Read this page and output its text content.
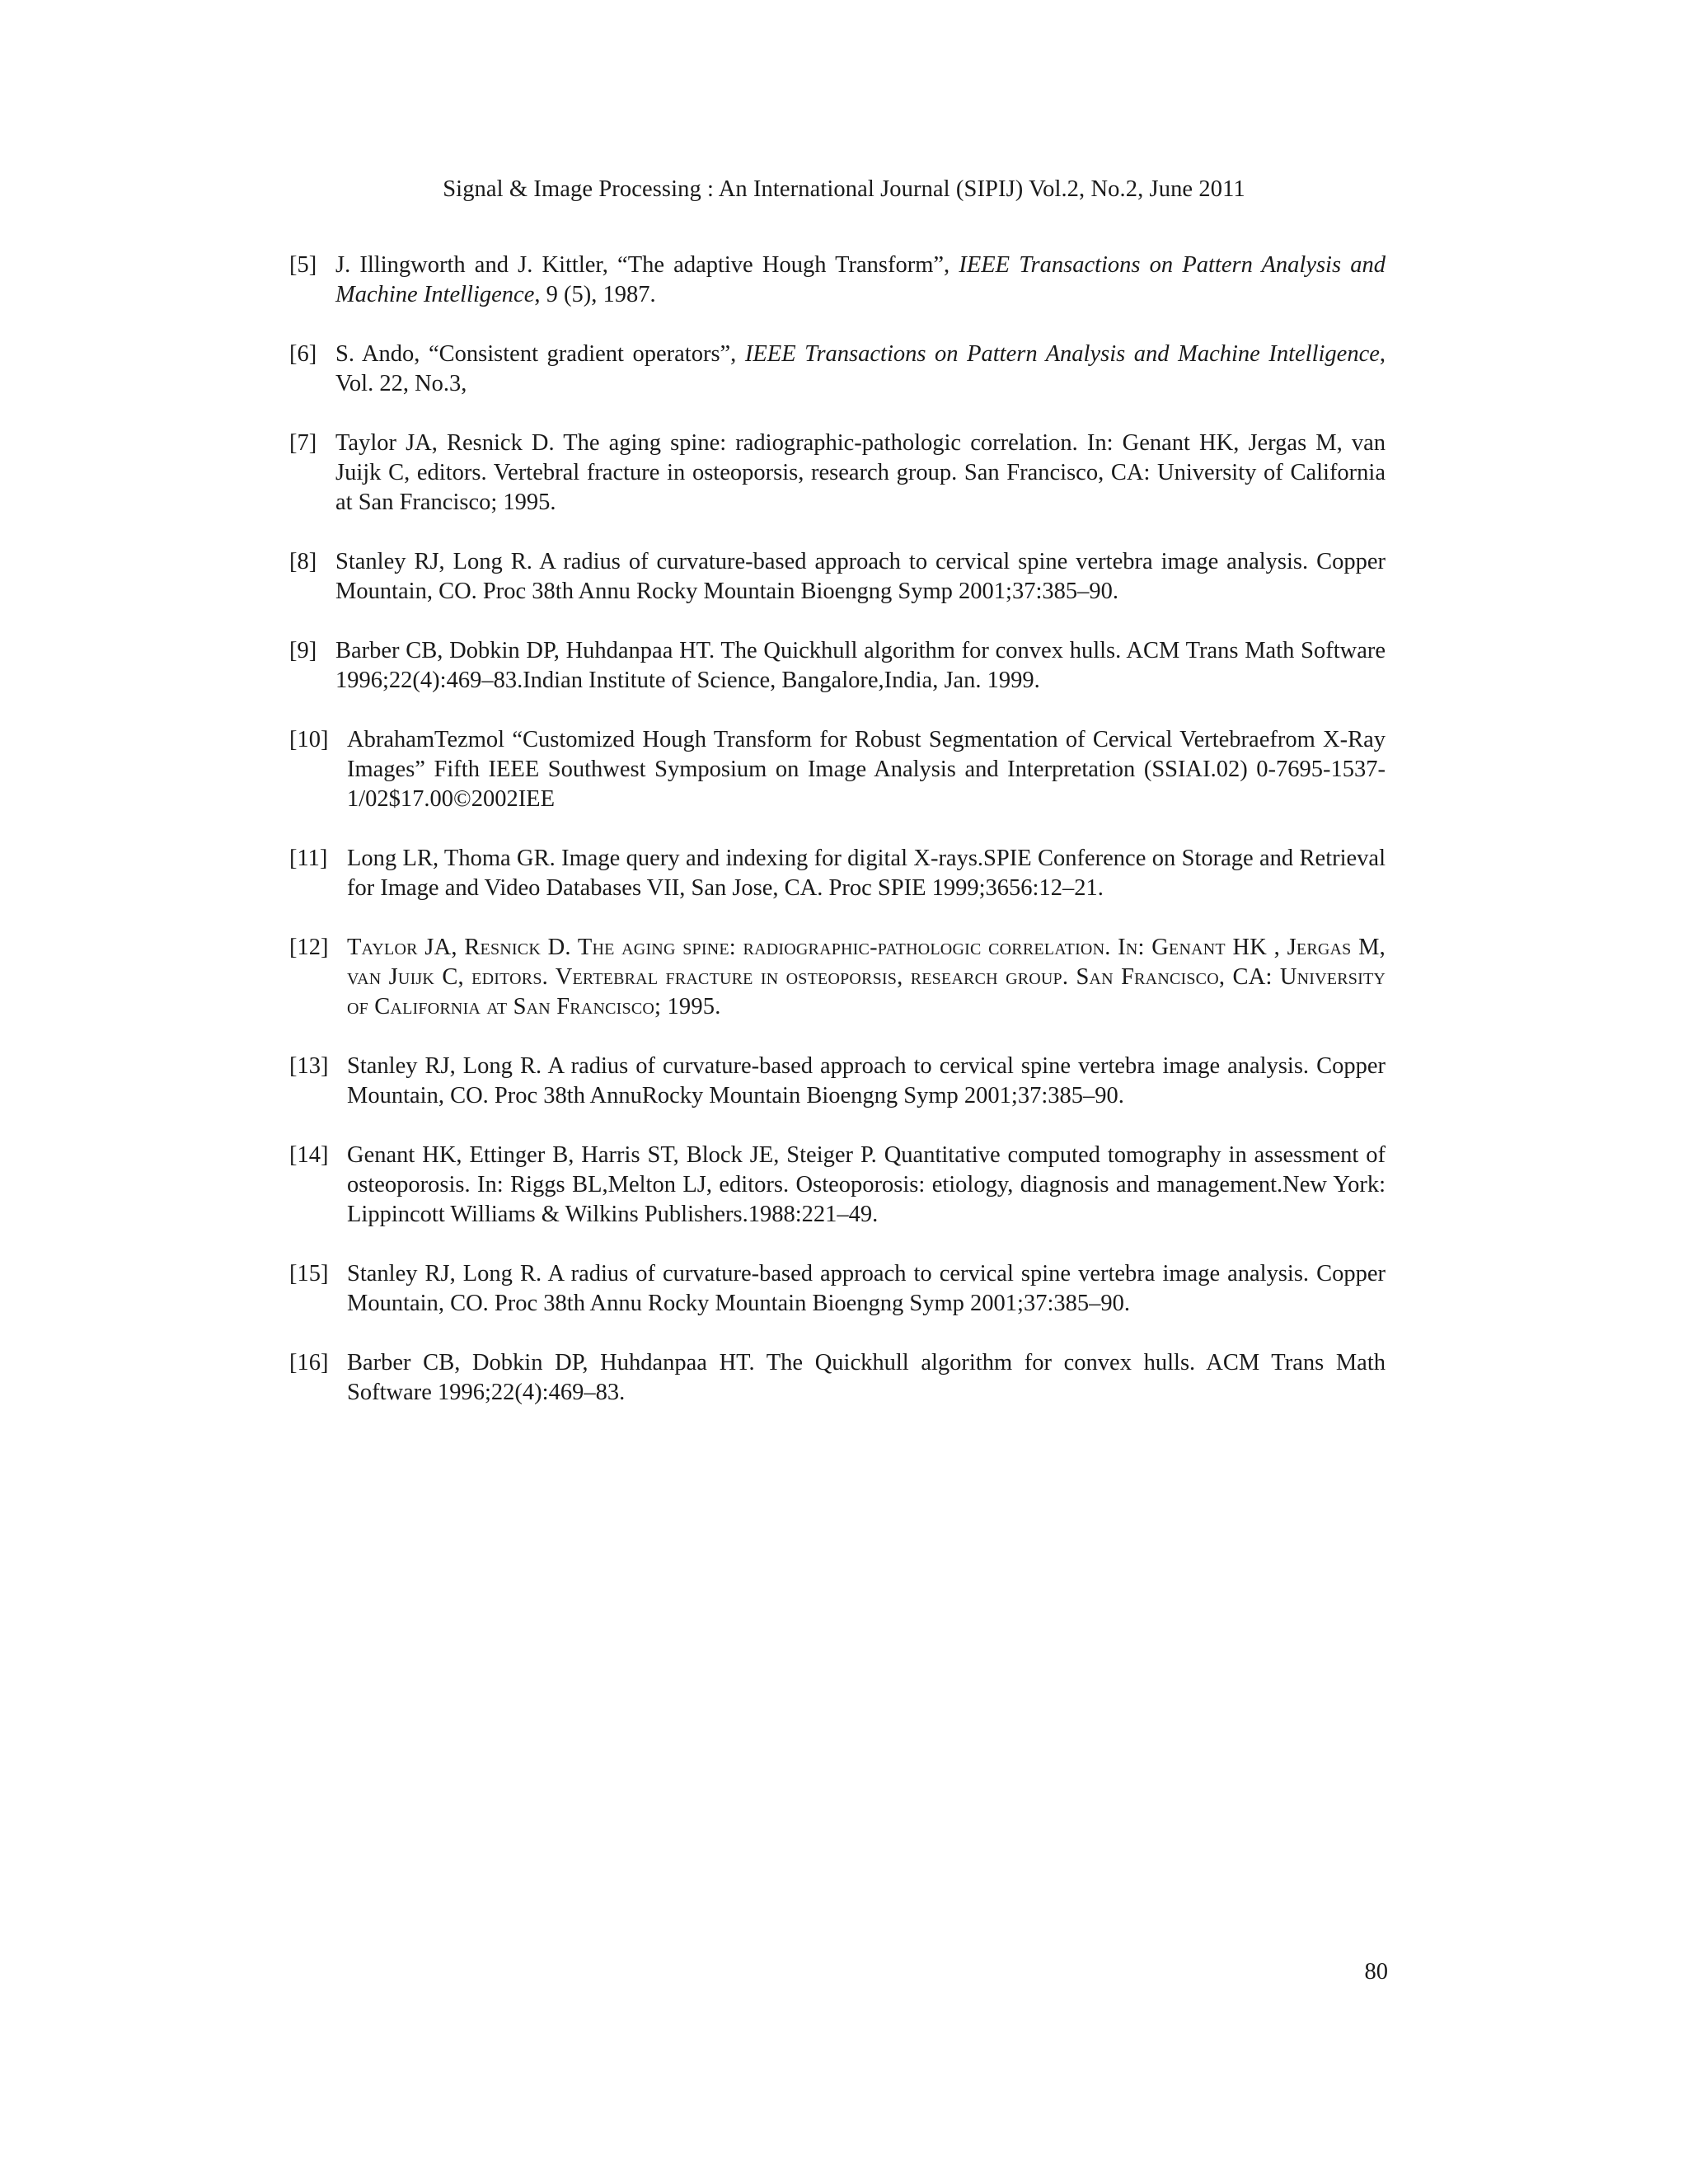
Signal & Image Processing : An International Journal (SIPIJ) Vol.2, No.2, June 2011
[5] J. Illingworth and J. Kittler, “The adaptive Hough Transform”, IEEE Transactions on Pattern Analysis and Machine Intelligence, 9 (5), 1987.
[6] S. Ando, “Consistent gradient operators”, IEEE Transactions on Pattern Analysis and Machine Intelligence, Vol. 22, No.3,
[7] Taylor JA, Resnick D. The aging spine: radiographic-pathologic correlation. In: Genant HK, Jergas M, van Juijk C, editors. Vertebral fracture in osteoporsis, research group. San Francisco, CA: University of California at San Francisco; 1995.
[8] Stanley RJ, Long R. A radius of curvature-based approach to cervical spine vertebra image analysis. Copper Mountain, CO. Proc 38th Annu Rocky Mountain Bioengng Symp 2001;37:385–90.
[9] Barber CB, Dobkin DP, Huhdanpaa HT. The Quickhull algorithm for convex hulls. ACM Trans Math Software 1996;22(4):469–83.Indian Institute of Science, Bangalore,India, Jan. 1999.
[10] AbrahamTezmol “Customized Hough Transform for Robust Segmentation of Cervical Vertebraefrom X-Ray Images” Fifth IEEE Southwest Symposium on Image Analysis and Interpretation (SSIAI.02) 0-7695-1537-1/02$17.00©2002IEE
[11] Long LR, Thoma GR. Image query and indexing for digital X-rays.SPIE Conference on Storage and Retrieval for Image and Video Databases VII, San Jose, CA. Proc SPIE 1999;3656:12–21.
[12] Taylor JA, Resnick D. The aging spine: radiographic-pathologic correlation. In: Genant HK , Jergas M, van Juijk C, editors. Vertebral fracture in osteoporsis, research group. San Francisco, CA: University of California at San Francisco; 1995.
[13] Stanley RJ, Long R. A radius of curvature-based approach to cervical spine vertebra image analysis. Copper Mountain, CO. Proc 38th AnnuRocky Mountain Bioengng Symp 2001;37:385–90.
[14] Genant HK, Ettinger B, Harris ST, Block JE, Steiger P. Quantitative computed tomography in assessment of osteoporosis. In: Riggs BL,Melton LJ, editors. Osteoporosis: etiology, diagnosis and management.New York: Lippincott Williams & Wilkins Publishers.1988:221–49.
[15] Stanley RJ, Long R. A radius of curvature-based approach to cervical spine vertebra image analysis. Copper Mountain, CO. Proc 38th Annu Rocky Mountain Bioengng Symp 2001;37:385–90.
[16] Barber CB, Dobkin DP, Huhdanpaa HT. The Quickhull algorithm for convex hulls. ACM Trans Math Software 1996;22(4):469–83.
80
